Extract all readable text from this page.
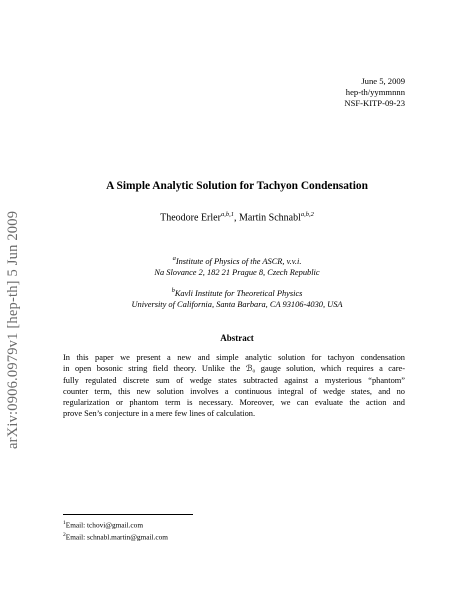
arXiv:0906.0979v1 [hep-th] 5 Jun 2009
June 5, 2009
hep-th/yymmnnn
NSF-KITP-09-23
A Simple Analytic Solution for Tachyon Condensation
Theodore Erler$^{a,b,1}$, Martin Schnabl$^{a,b,2}$
$^a$Institute of Physics of the ASCR, v.v.i.
Na Slovance 2, 182 21 Prague 8, Czech Republic
$^b$Kavli Institute for Theoretical Physics
University of California, Santa Barbara, CA 93106-4030, USA
Abstract
In this paper we present a new and simple analytic solution for tachyon condensation
in open bosonic string field theory. Unlike the ℬ₀ gauge solution, which requires a care-
fully regulated discrete sum of wedge states subtracted against a mysterious “phantom”
counter term, this new solution involves a continuous integral of wedge states, and no
regularization or phantom term is necessary. Moreover, we can evaluate the action and
prove Sen’s conjecture in a mere few lines of calculation.
$^1$Email: tchovi@gmail.com
$^2$Email: schnabl.martin@gmail.com
